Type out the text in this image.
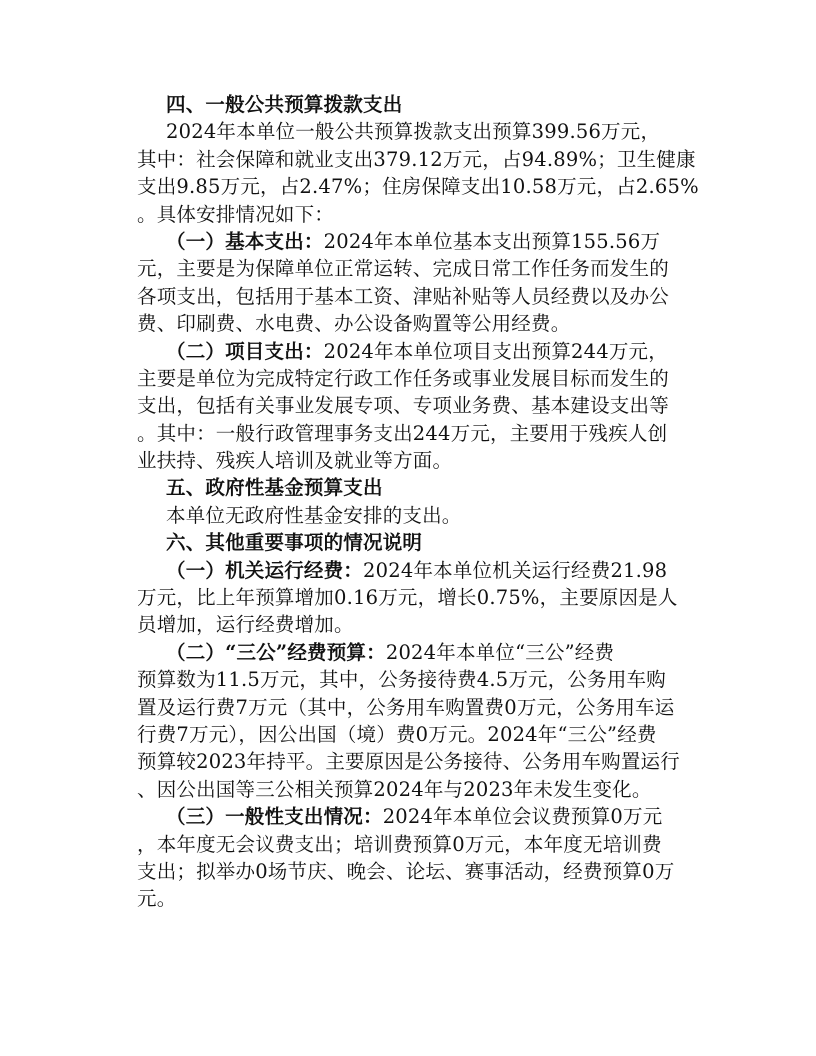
四、一般公共预算拨款支出
2024年本单位一般公共预算拨款支出预算399.56万元，
其中：社会保障和就业支出379.12万元，占94.89%；卫生健康
支出9.85万元，占2.47%；住房保障支出10.58万元，占2.65%
。具体安排情况如下：
（一）基本支出：2024年本单位基本支出预算155.56万
元，主要是为保障单位正常运转、完成日常工作任务而发生的
各项支出，包括用于基本工资、津贴补贴等人员经费以及办公
费、印刷费、水电费、办公设备购置等公用经费。
（二）项目支出：2024年本单位项目支出预算244万元，
主要是单位为完成特定行政工作任务或事业发展目标而发生的
支出，包括有关事业发展专项、专项业务费、基本建设支出等
。其中：一般行政管理事务支出244万元，主要用于残疾人创
业扶持、残疾人培训及就业等方面。
五、政府性基金预算支出
本单位无政府性基金安排的支出。
六、其他重要事项的情况说明
（一）机关运行经费：2024年本单位机关运行经费21.98
万元，比上年预算增加0.16万元，增长0.75%，主要原因是人
员增加，运行经费增加。
（二）“三公”经费预算：2024年本单位“三公”经费
预算数为11.5万元，其中，公务接待费4.5万元，公务用车购
置及运行费7万元（其中，公务用车购置费0万元，公务用车运
行费7万元），因公出国（境）费0万元。2024年“三公”经费
预算较2023年持平。主要原因是公务接待、公务用车购置运行
、因公出国等三公相关预算2024年与2023年未发生变化。
（三）一般性支出情况：2024年本单位会议费预算0万元
，本年度无会议费支出；培训费预算0万元，本年度无培训费
支出；拟举办0场节庆、晚会、论坛、赛事活动，经费预算0万
元。
